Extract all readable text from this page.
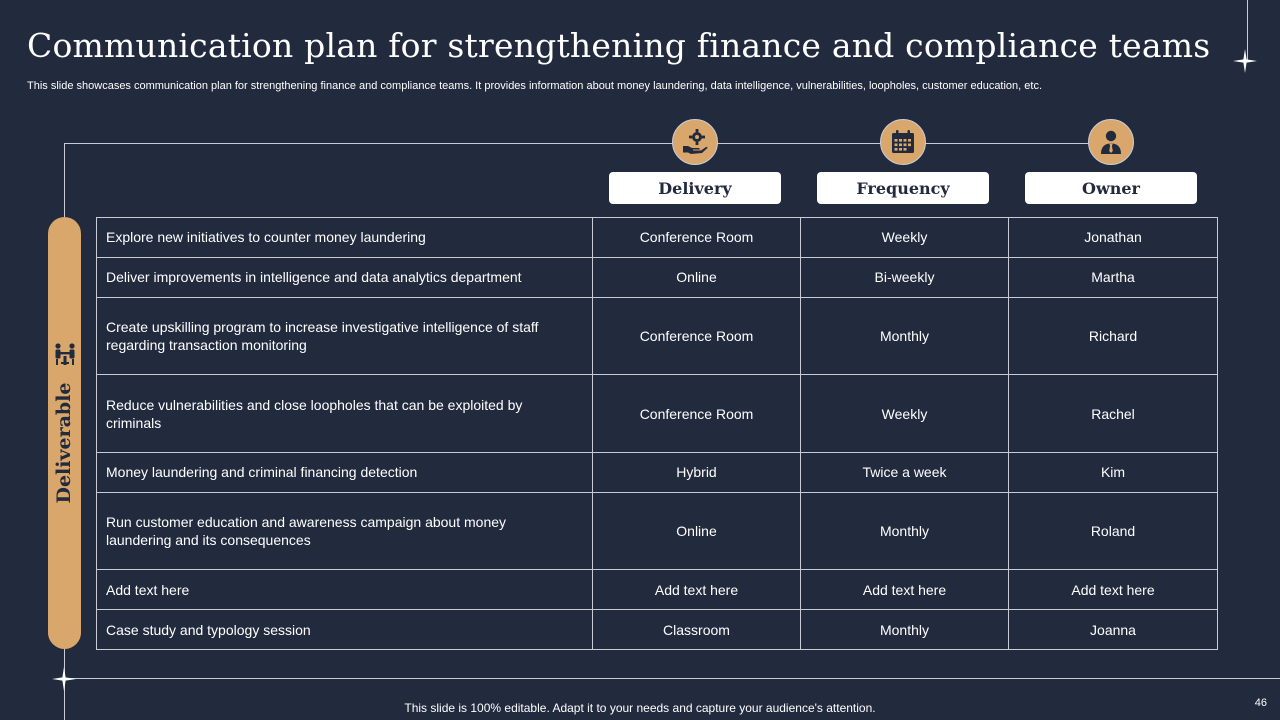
Communication plan for strengthening finance and compliance teams

This slide showcases communication plan for strengthening finance and compliance teams. It provides information about money laundering, data intelligence, vulnerabilities, loopholes, customer education, etc.

Deliverable
Delivery	Frequency	Owner
Explore new initiatives to counter money laundering	Conference Room	Weekly	Jonathan
Deliver improvements in intelligence and data analytics department	Online	Bi-weekly	Martha
Create upskilling program to increase investigative intelligence of staff regarding transaction monitoring	Conference Room	Monthly	Richard
Reduce vulnerabilities and close loopholes that can be exploited by criminals	Conference Room	Weekly	Rachel
Money laundering and criminal financing detection	Hybrid	Twice a week	Kim
Run customer education and awareness campaign about money laundering and its consequences	Online	Monthly	Roland
Add text here	Add text here	Add text here	Add text here
Case study and typology session	Classroom	Monthly	Joanna

This slide is 100% editable. Adapt it to your needs and capture your audience's attention.	46
